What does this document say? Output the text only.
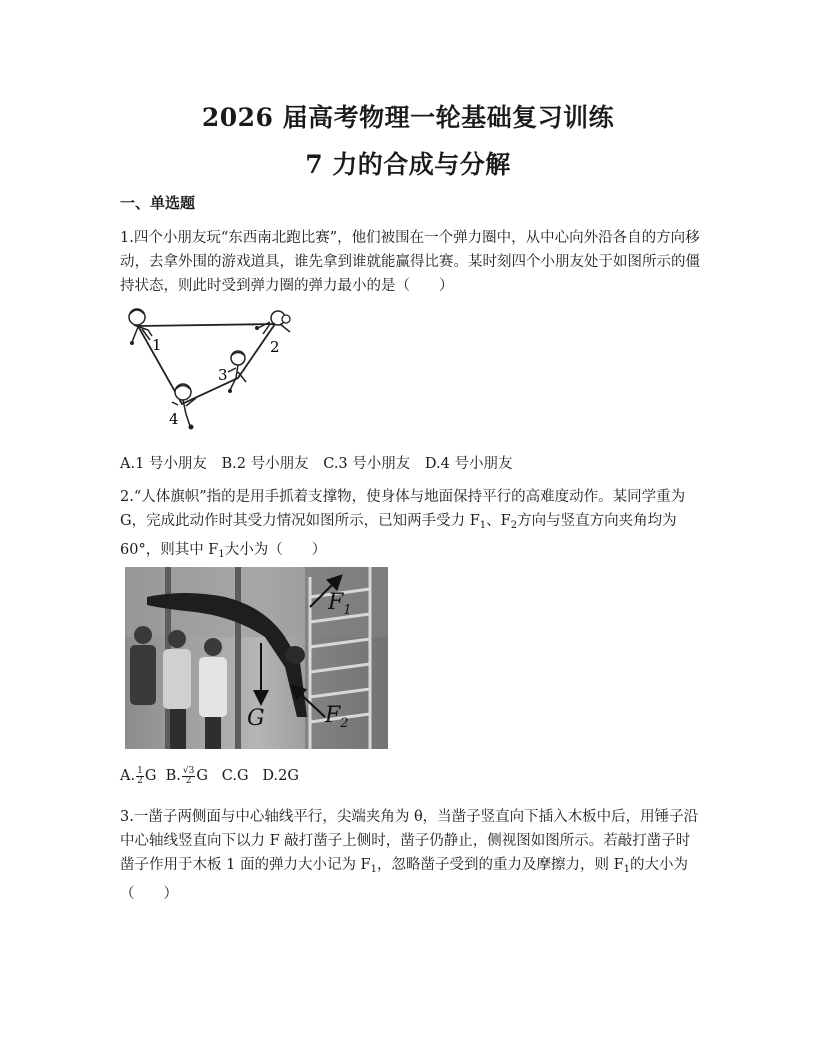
2026 届高考物理一轮基础复习训练
7 力的合成与分解
一、单选题
1.四个小朋友玩“东西南北跑比赛”，他们被围在一个弹力圈中，从中心向外沿各自的方向移动，去拿外围的游戏道具，谁先拿到谁就能赢得比赛。某时刻四个小朋友处于如图所示的僵持状态，则此时受到弹力圈的弹力最小的是（　　）
1	2
3
4
A.1 号小朋友 B.2 号小朋友 C.3 号小朋友 D.4 号小朋友
2.“人体旗帜”指的是用手抓着支撑物，使身体与地面保持平行的高难度动作。某同学重为 G，完成此动作时其受力情况如图所示，已知两手受力 $F_1$、$F_2$方向与竖直方向夹角均为 60°，则其中 $F_1$大小为（　　）
$F_1$
G	$F_2$
A. $\frac{1}{2}$ G B. $\frac{√3}{2}$ G C.G D.2G
3.一凿子两侧面与中心轴线平行，尖端夹角为 θ，当凿子竖直向下插入木板中后，用锤子沿中心轴线竖直向下以力 F 敲打凿子上侧时，凿子仍静止，侧视图如图所示。若敲打凿子时凿子作用于木板 1 面的弹力大小记为 $F_1$，忽略凿子受到的重力及摩擦力，则 $F_1$的大小为（　　）
